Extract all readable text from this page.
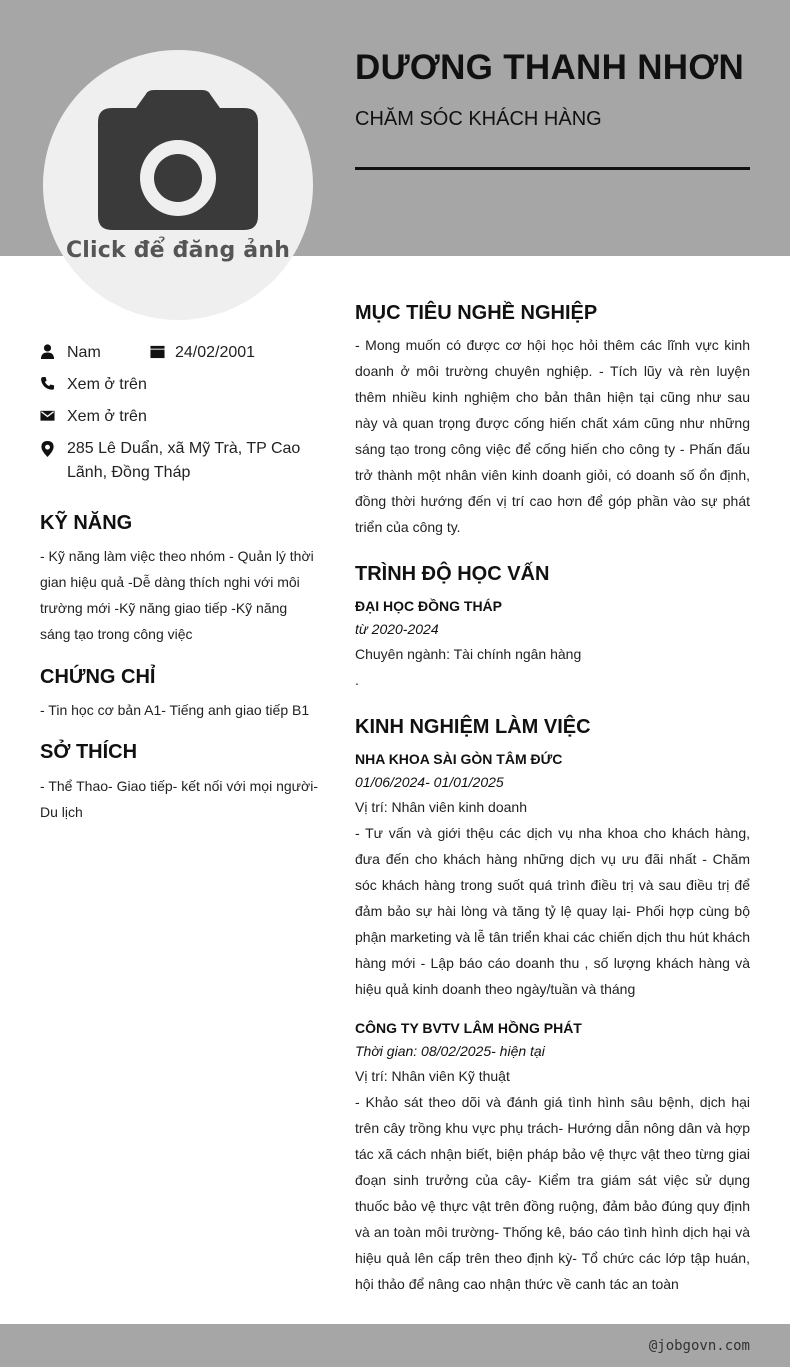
Click để đăng ảnh
DƯƠNG THANH NHƠN
CHĂM SÓC KHÁCH HÀNG
Nam	24/02/2001
Xem ở trên
Xem ở trên
285 Lê Duẩn, xã Mỹ Trà, TP Cao Lãnh, Đồng Tháp
KỸ NĂNG
- Kỹ năng làm việc theo nhóm - Quản lý thời gian hiệu quả -Dễ dàng thích nghi với môi trường mới -Kỹ năng giao tiếp -Kỹ năng sáng tạo trong công việc
CHỨNG CHỈ
- Tin học cơ bản A1- Tiếng anh giao tiếp B1
SỞ THÍCH
- Thể Thao- Giao tiếp- kết nối với mọi người- Du lịch
MỤC TIÊU NGHỀ NGHIỆP
- Mong muốn có được cơ hội học hỏi thêm các lĩnh vực kinh doanh ở môi trường chuyên nghiệp. - Tích lũy và rèn luyện thêm nhiều kinh nghiệm cho bản thân hiện tại cũng như sau này và quan trọng được cống hiến chất xám cũng như những sáng tạo trong công việc để cống hiến cho công ty - Phấn đấu trở thành một nhân viên kinh doanh giỏi, có doanh số ổn định, đồng thời hướng đến vị trí cao hơn để góp phần vào sự phát triển của công ty.
TRÌNH ĐỘ HỌC VẤN
ĐẠI HỌC ĐỒNG THÁP
từ 2020-2024
Chuyên ngành: Tài chính ngân hàng
.
KINH NGHIỆM LÀM VIỆC
NHA KHOA SÀI GÒN TÂM ĐỨC
01/06/2024- 01/01/2025
Vị trí: Nhân viên kinh doanh
- Tư vấn và giới thệu các dịch vụ nha khoa cho khách hàng, đưa đến cho khách hàng những dịch vụ ưu đãi nhất - Chăm sóc khách hàng trong suốt quá trình điều trị và sau điều trị để đảm bảo sự hài lòng và tăng tỷ lệ quay lại- Phối hợp cùng bộ phận marketing và lễ tân triển khai các chiến dịch thu hút khách hàng mới - Lập báo cáo doanh thu , số lượng khách hàng và hiệu quả kinh doanh theo ngày/tuần và tháng
CÔNG TY BVTV LÂM HỒNG PHÁT
Thời gian: 08/02/2025- hiện tại
Vị trí: Nhân viên Kỹ thuật
- Khảo sát theo dõi và đánh giá tình hình sâu bệnh, dịch hại trên cây trồng khu vực phụ trách- Hướng dẫn nông dân và hợp tác xã cách nhận biết, biện pháp bảo vệ thực vật theo từng giai đoạn sinh trưởng của cây- Kiểm tra giám sát việc sử dụng thuốc bảo vệ thực vật trên đồng ruộng, đảm bảo đúng quy định và an toàn môi trường- Thống kê, báo cáo tình hình dịch hại và hiệu quả lên cấp trên theo định kỳ- Tổ chức các lớp tập huán, hội thảo để nâng cao nhận thức về canh tác an toàn
@jobgovn.com
